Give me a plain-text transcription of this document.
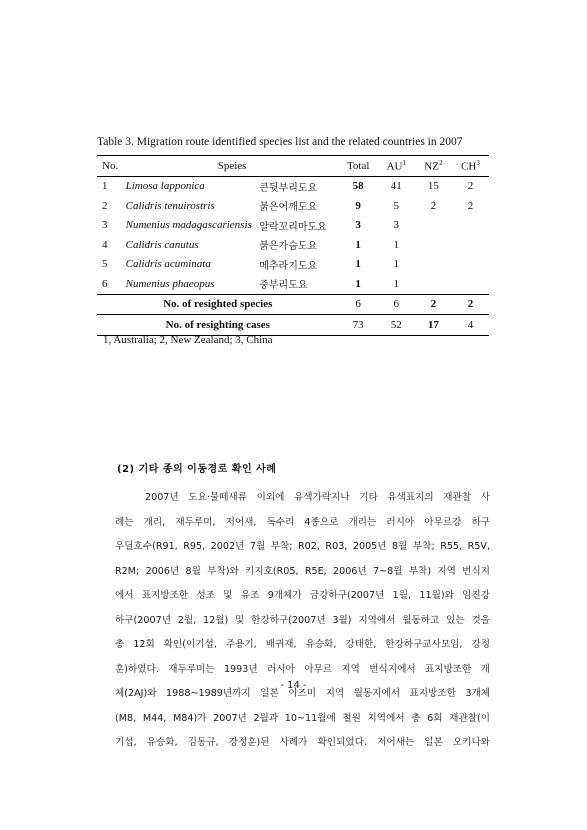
Table 3. Migration route identified species list and the related countries in 2007
No.	Speies		Total	$AU^1$	$NZ^2$	$CH^3$
1	Limosa lapponica	큰뒷부리도요	58	41	15	2
2	Calidris tenuirostris	붉은어깨도요	9	5	2	2
3	Numenius madagascariensis	알락꼬리마도요	3	3		
4	Calidris canutus	붉은가슴도요	1	1		
5	Calidris acuminata	메추라기도요	1	1		
6	Numenius phaeopus	중부리도요	1	1		
No. of resighted species			6	6	2	2
No. of resighting cases			73	52	17	4
1, Australia; 2, New Zealand; 3, China
(2) 기타 종의 이동경로 확인 사례
2007년 도요·물떼새류 이외에 유색가락지나 기타 유색표지의 재관찰 사
례는 개리, 재두루미, 저어새, 독수리 4종으로 개리는 러시아 아무르강 하구
우딜호수(R91, R95, 2002년 7월 부착; R02, R03, 2005년 8월 부착; R55, R5V,
R2M; 2006년 8월 부착)와 키지호(R05, R5E, 2006년 7~8월 부착) 지역 번식지
에서 표지방조한 성조 및 유조 9개체가 금강하구(2007년 1월, 11월)와 임진강
하구(2007년 2월, 12월) 및 한강하구(2007년 3월) 지역에서 월동하고 있는 것을
총 12회 확인(이기섭, 주용기, 배귀재, 유승화, 강태한, 한강하구교사모임, 강정
훈)하였다. 재두루미는 1993년 러시아 아무르 지역 번식지에서 표지방조한 개
체(2AJ)와 1988~1989년까지 일본 이즈미 지역 월동지에서 표지방조한 3개체
(M8, M44, M84)가 2007년 2월과 10~11월에 철원 지역에서 총 6회 재관찰(이
기섭, 유승화, 김동규, 강정훈)된 사례가 확인되었다. 저어새는 일본 오키나와
- 14 -
